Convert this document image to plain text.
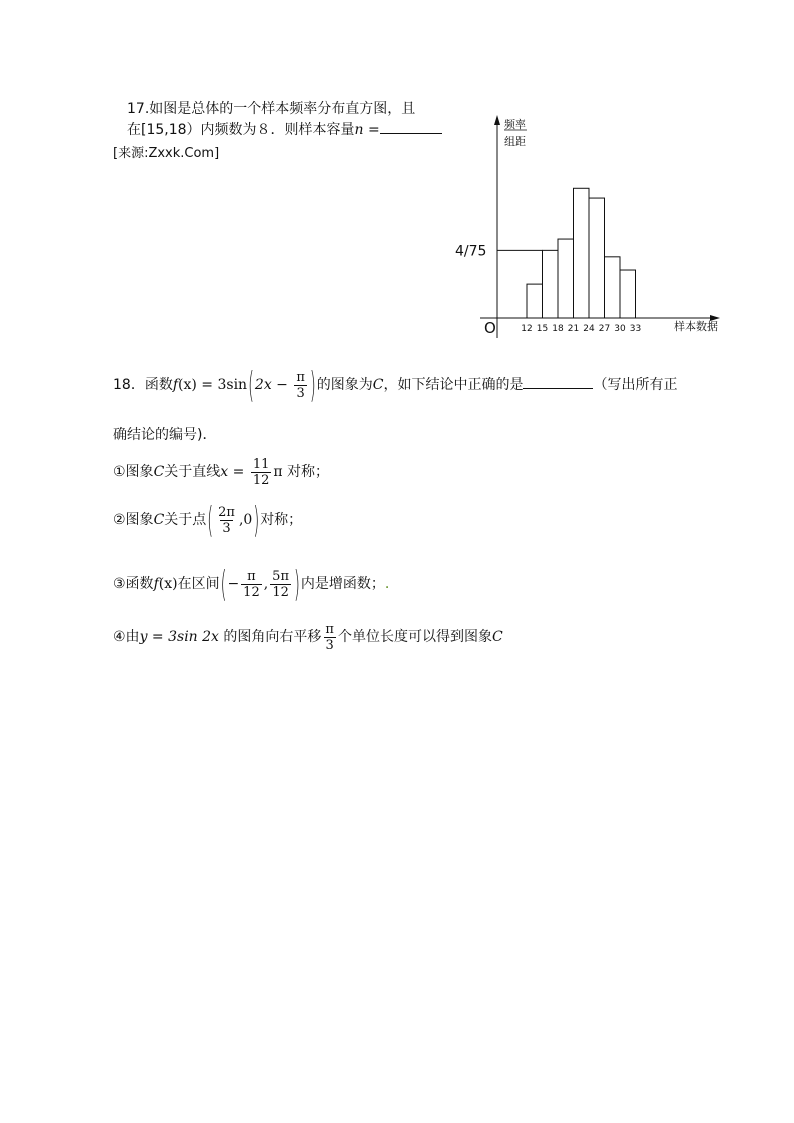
17.如图是总体的一个样本频率分布直方图，且
在[15,18）内频数为８．则样本容量n =
[来源:Zxxk.Com]
频率
组距
4/75
O	12 15 18 21 24 27 30 33	样本数据
18．函数$f(x) = 3\sin(2x - \frac{\pi}{3}$ )的图象为C，如下结论中正确的是	（写出所有正
确结论的编号)．
①图象C关于直线$x = \frac{11}{12}$ π 对称；
②图象C关于点( $\frac{2\pi}{3} ,0$)对称；
③函数f(x)在区间(− $\frac{\pi}{12}$ , $\frac{5\pi}{12}$ )内是增函数；.
④由y = 3sin 2x 的图角向右平移 $\frac{\pi}{3}$ 个单位长度可以得到图象C
